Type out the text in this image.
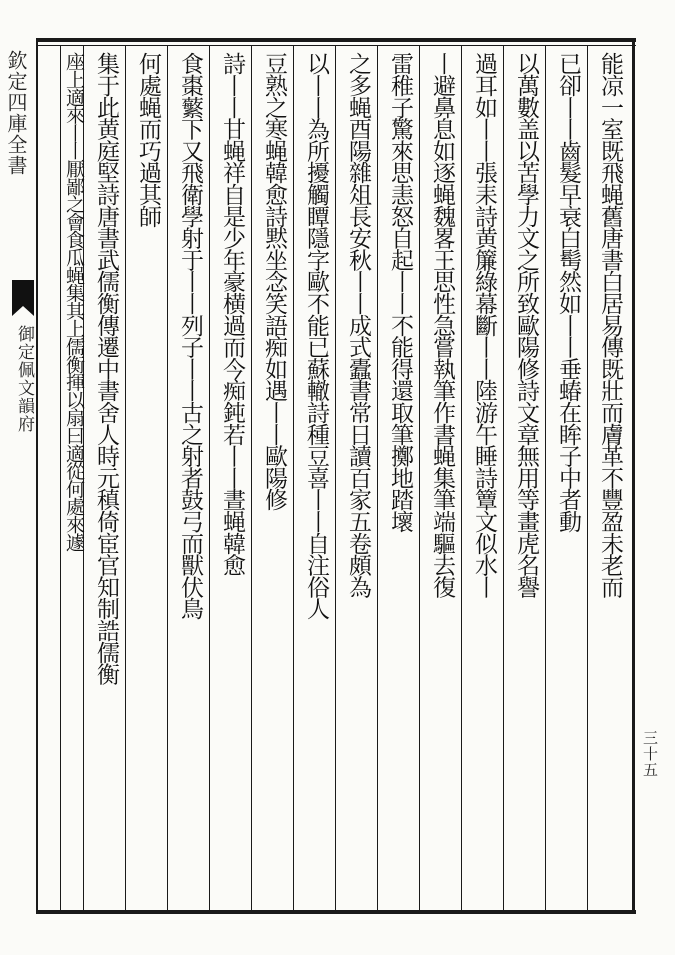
能凉一室既飛蝇舊唐書白居易傳既壯而膚革不豐盈未老而
已卻丨丨齒髮早衰白髩然如丨丨垂蝽在眸子中者動
以萬數盖以苦學力文之所致歐陽修詩文章無用等畫虎名譽
過耳如丨丨張耒詩黄簾綠幕斷丨丨陸游午睡詩簟文似水丨
丨避鼻息如逐蝇魏畧王思性急嘗執筆作書蝇集筆端驅去復
雷稚子驚來思恚怒自起丨丨不能得還取筆擲地踏壞
之多蝇酉陽雜俎長安秋丨丨成式蠹書常日讀百家五卷頗為
以丨丨為所擾觸瞫隱字歐不能已蘇轍詩種豆喜丨丨自注俗人
豆熟之寒蝇韓愈詩黙坐念笑語痴如遇丨丨歐陽修
詩丨丨甘蝇祥自是少年豪横過而今痴鈍若丨丨晝蝇韓愈
食棗蘩下又飛衛學射于丨丨列子丨丨古之射者鼓弓而獸伏鳥
何處蝇而巧過其師
集于此黄庭堅詩唐書武儒衡傳遷中書舍人時元稹倚宦官知制誥儒衡
座上適來丨丨厭鄙之會食瓜蝇集其上儒衡揮以扇曰適從何處來遽
欽定四庫全書
御定佩文韻府
三十五
